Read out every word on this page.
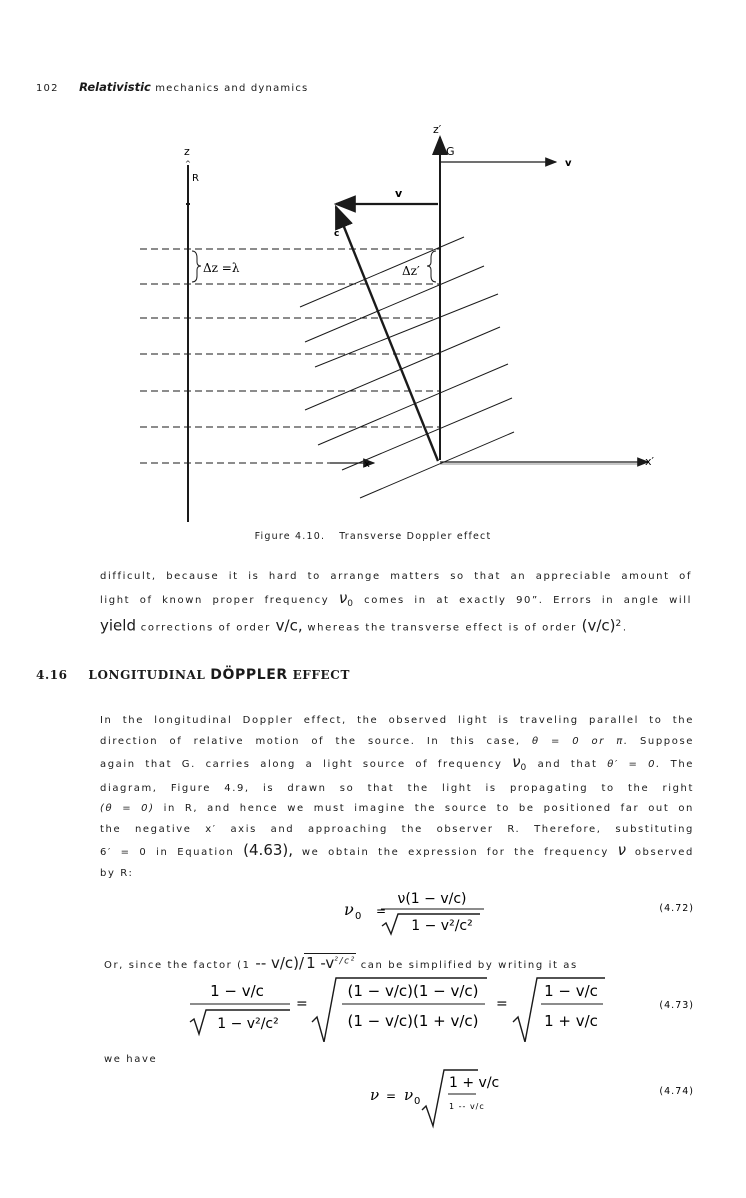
102 Relativistic mechanics and dynamics
z
^
R
z′
G
v
v
c
Δz =λ	Δz′
x	x′
Figure 4.10. Transverse Doppler effect
difficult, because it is hard to arrange matters so that an appreciable amount of
light of known proper frequency $\nu_0$ comes in at exactly 90”. Errors in angle will
yield corrections of order v/c, whereas the transverse effect is of order $(v/c)^2$.
4.16 LONGITUDINAL DÖPPLER EFFECT
In the longitudinal Doppler effect, the observed light is traveling parallel to the
direction of relative motion of the source. In this case, θ = 0 or π. Suppose
again that G. carries along a light source of frequency $\nu_0$ and that θ′ = 0. The
diagram, Figure 4.9, is drawn so that the light is propagating to the right
(θ = 0) in R, and hence we must imagine the source to be positioned far out on
the negative x′ axis and approaching the observer R. Therefore, substituting
6′ = 0 in Equation (4.63), we obtain the expression for the frequency ν observed
by R:
ν 0 =
ν(1 − v/c)
1 − v²/c²
(4.72)
Or, since the factor (1 -- v/c)/ 1 $-v^{^2/c^2}$ can be simplified by writing it as
1 − v/c
1 − v²/c²
=
(1 − v/c)(1 − v/c)
(1 − v/c)(1 + v/c)
=
1 − v/c
1 + v/c
(4.73)
we have
ν = ν 0
1 + v/c
1 -- v/c
(4.74)
